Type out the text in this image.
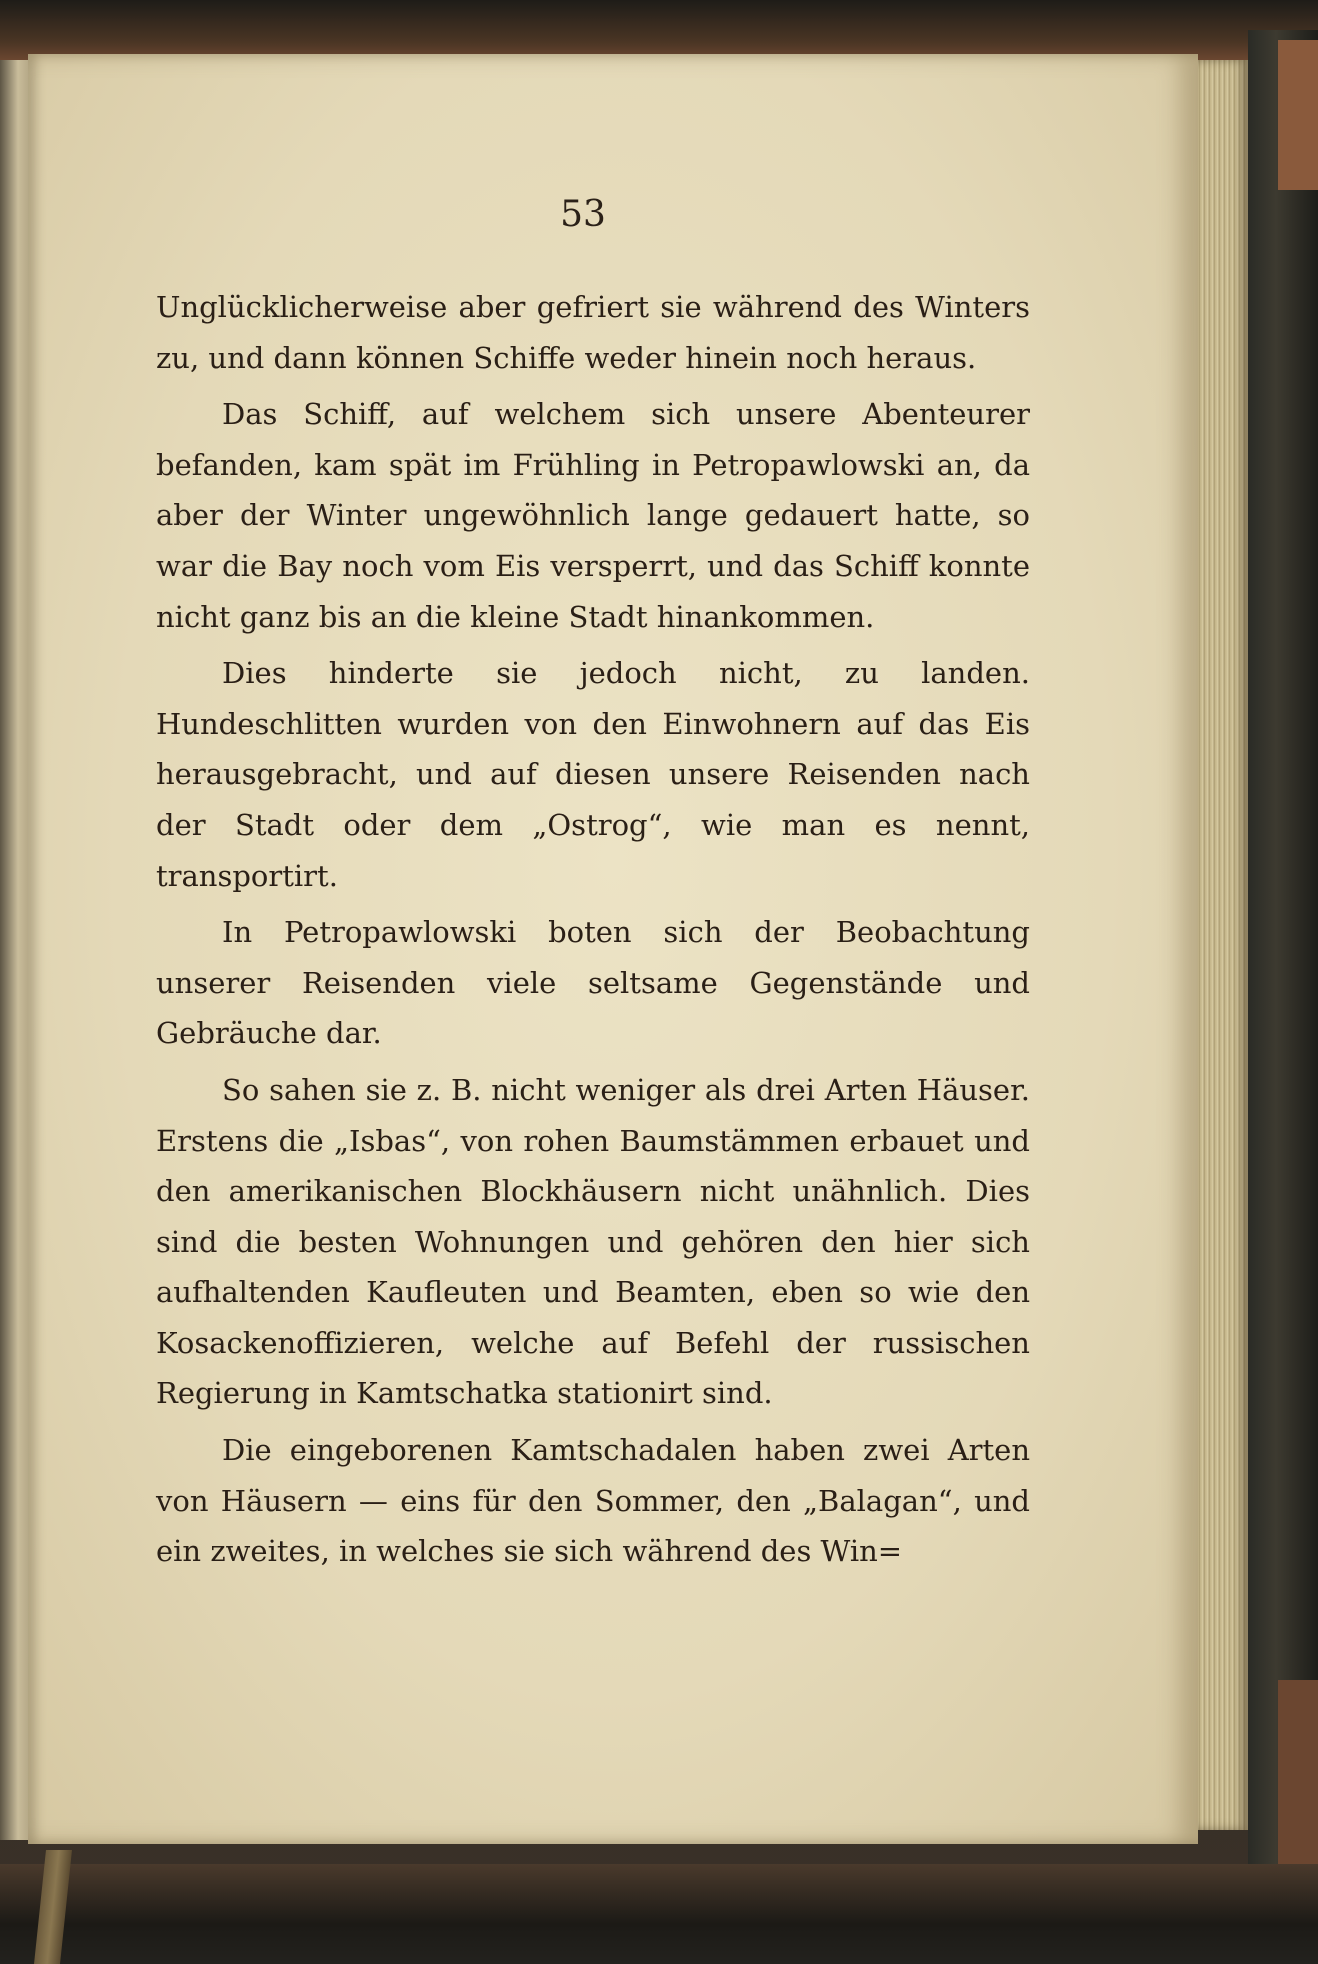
53

Unglücklicherweise aber gefriert sie während des Winters zu, und dann können Schiffe weder hinein noch heraus.

Das Schiff, auf welchem sich unsere Abenteurer befanden, kam spät im Frühling in Petropawlowski an, da aber der Winter ungewöhnlich lange gedauert hatte, so war die Bay noch vom Eis versperrt, und das Schiff konnte nicht ganz bis an die kleine Stadt hinankommen.

Dies hinderte sie jedoch nicht, zu landen. Hundeschlitten wurden von den Einwohnern auf das Eis herausgebracht, und auf diesen unsere Reisenden nach der Stadt oder dem „Ostrog“, wie man es nennt, transportirt.

In Petropawlowski boten sich der Beobachtung unserer Reisenden viele seltsame Gegenstände und Gebräuche dar.

So sahen sie z. B. nicht weniger als drei Arten Häuser. Erstens die „Isbas“, von rohen Baumstämmen erbauet und den amerikanischen Blockhäusern nicht unähnlich. Dies sind die besten Wohnungen und gehören den hier sich aufhaltenden Kaufleuten und Beamten, eben so wie den Kosackenoffizieren, welche auf Befehl der russischen Regierung in Kamtschatka stationirt sind.

Die eingeborenen Kamtschadalen haben zwei Arten von Häusern — eins für den Sommer, den „Balagan“, und ein zweites, in welches sie sich während des Win=
